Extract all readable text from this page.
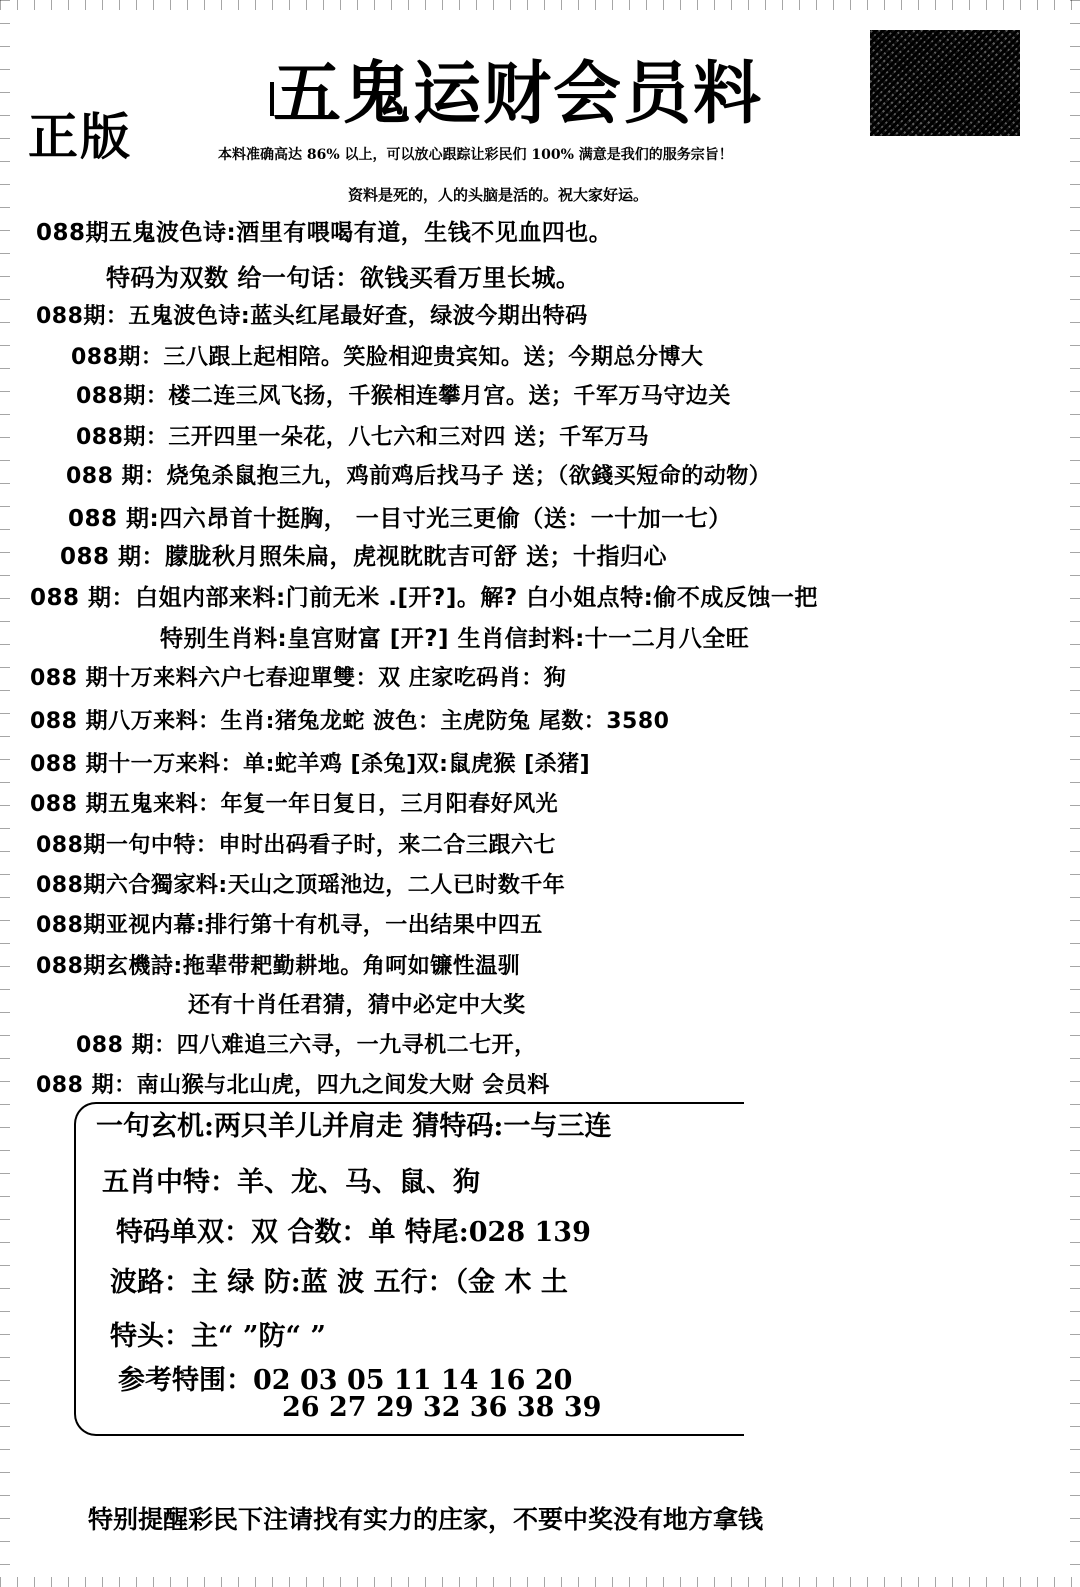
正版
五鬼运财会员料
本料准确高达 86% 以上，可以放心跟踪让彩民们 100% 满意是我们的服务宗旨！
资料是死的，人的头脑是活的。祝大家好运。
088期五鬼波色诗:酒里有喂喝有道，生钱不见血四也。
特码为双数 给一句话：欲钱买看万里长城。
088期：五鬼波色诗:蓝头红尾最好查，绿波今期出特码
088期：三八跟上起相陪。笑脸相迎贵宾知。送；今期总分博大
088期：楼二连三风飞扬，千猴相连攀月宫。送；千军万马守边关
088期：三开四里一朵花，八七六和三对四 送；千军万马
088 期：烧兔杀鼠抱三九，鸡前鸡后找马子 送；（欲錢买短命的动物）
088 期:四六昂首十挺胸， 一目寸光三更偷（送：一十加一七）
088 期：朦胧秋月照朱扁，虎视眈眈吉可舒 送；十指归心
088 期：白姐内部来料:门前无米 .[开?]。解? 白小姐点特:偷不成反蚀一把
特别生肖料:皇宫财富 [开?] 生肖信封料:十一二月八全旺
088 期十万来料六户七春迎單雙：双 庄家吃码肖：狗
088 期八万来料：生肖:猪兔龙蛇 波色：主虎防兔 尾数：3580
088 期十一万来料：单:蛇羊鸡 [杀兔]双:鼠虎猴 [杀猪]
088 期五鬼来料：年复一年日复日，三月阳春好风光
088期一句中特：申时出码看子时，来二合三跟六七
088期六合獨家料:天山之顶瑶池边，二人已时数千年
088期亚视内幕:排行第十有机寻，一出结果中四五
088期玄機詩:拖辈带耙勤耕地。角呵如镰性温驯
还有十肖任君猜，猜中必定中大奖
088 期：四八难追三六寻，一九寻机二七开，
088 期：南山猴与北山虎，四九之间发大财 会员料
一句玄机:两只羊儿并肩走 猜特码:一与三连
五肖中特：羊、龙、马、鼠、狗
特码单双：双 合数：单 特尾:028 139
波路：主 绿 防:蓝 波 五行：（金 木 土
特头：主“ ”防“ ”
参考特围：02 03 05 11 14 16 20
26 27 29 32 36 38 39
特别提醒彩民下注请找有实力的庄家，不要中奖没有地方拿钱
